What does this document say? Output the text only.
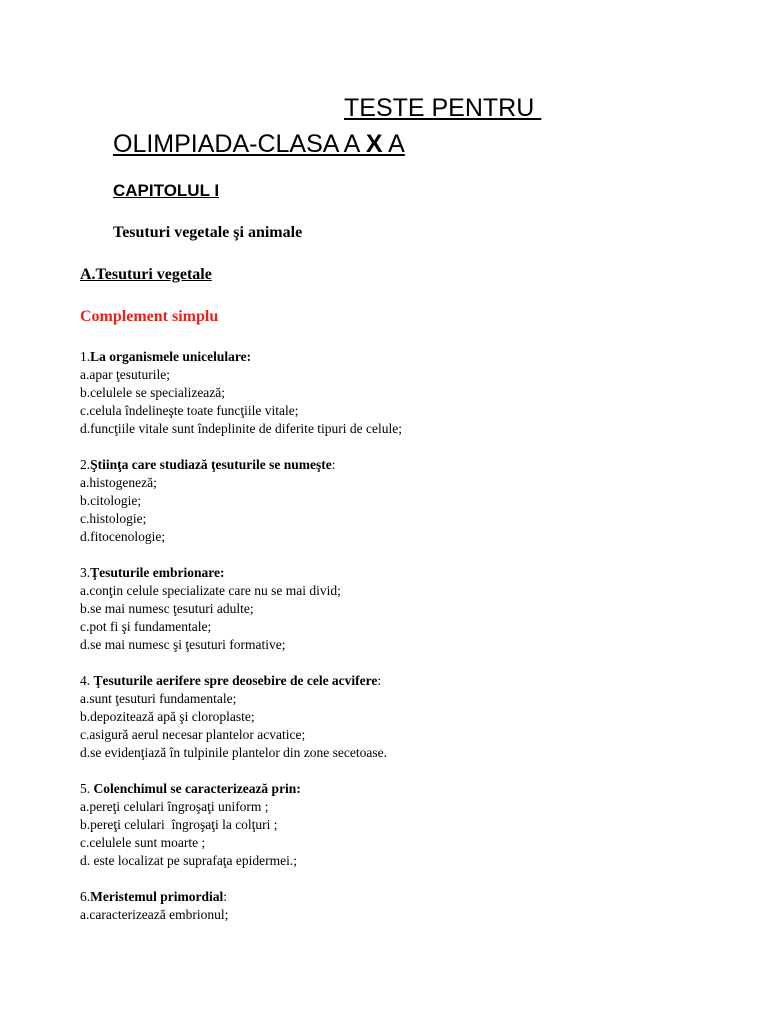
TESTE PENTRU
OLIMPIADA-CLASA A X A
CAPITOLUL I
Tesuturi vegetale şi animale
A.Tesuturi vegetale
Complement simplu
1.La organismele unicelulare:
a.apar ţesuturile;
b.celulele se specializează;
c.celula îndelineşte toate funcţiile vitale;
d.funcţiile vitale sunt îndeplinite de diferite tipuri de celule;
2.Ştiinţa care studiază ţesuturile se numeşte:
a.histogeneză;
b.citologie;
c.histologie;
d.fitocenologie;
3.Ţesuturile embrionare:
a.conţin celule specializate care nu se mai divid;
b.se mai numesc ţesuturi adulte;
c.pot fi şi fundamentale;
d.se mai numesc şi ţesuturi formative;
4. Ţesuturile aerifere spre deosebire de cele acvifere:
a.sunt ţesuturi fundamentale;
b.depozitează apă şi cloroplaste;
c.asigură aerul necesar plantelor acvatice;
d.se evidenţiază în tulpinile plantelor din zone secetoase.
5. Colenchimul se caracterizează prin:
a.pereţi celulari îngroşaţi uniform ;
b.pereţi celulari  îngroşaţi la colţuri ;
c.celulele sunt moarte ;
d. este localizat pe suprafaţa epidermei.;
6.Meristemul primordial:
a.caracterizează embrionul;
